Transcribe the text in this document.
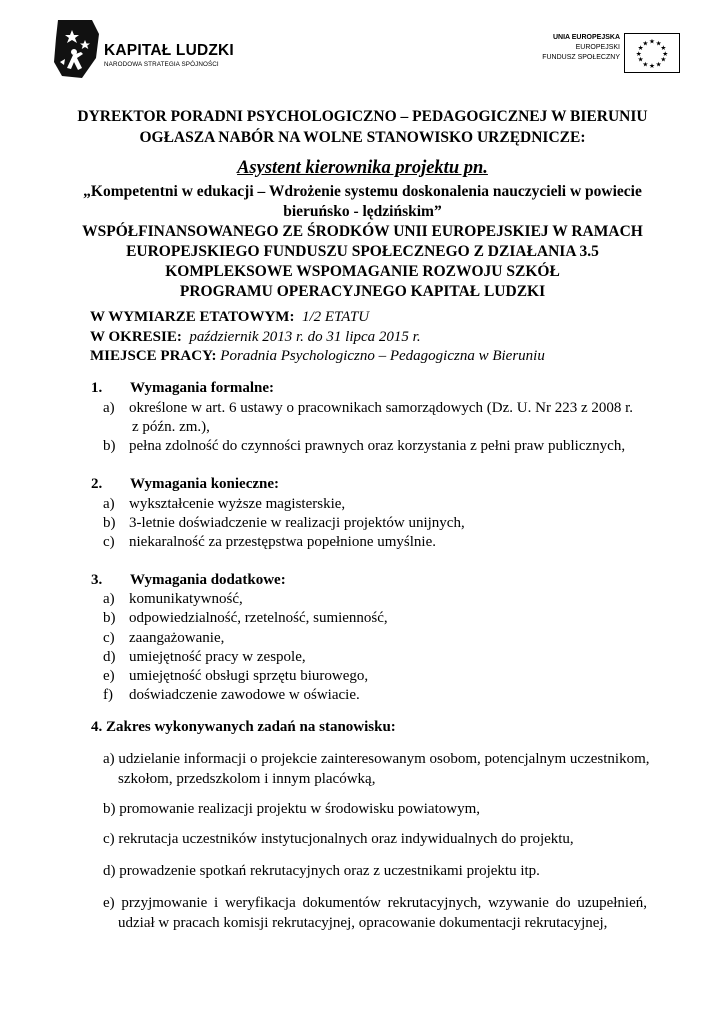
KAPITAŁ LUDZKI
NARODOWA STRATEGIA SPÓJNOŚCI
UNIA EUROPEJSKA
EUROPEJSKI
FUNDUSZ SPOŁECZNY
★ ★
★
★
★
★
★
★
★
★
★
★
DYREKTOR PORADNI PSYCHOLOGICZNO – PEDAGOGICZNEJ W BIERUNIU
OGŁASZA NABÓR NA WOLNE STANOWISKO URZĘDNICZE:
Asystent kierownika projektu pn.
„Kompetentni w edukacji – Wdrożenie systemu doskonalenia nauczycieli w powiecie
bieruńsko - lędzińskim”
WSPÓŁFINANSOWANEGO ZE ŚRODKÓW UNII EUROPEJSKIEJ W RAMACH
EUROPEJSKIEGO FUNDUSZU SPOŁECZNEGO Z DZIAŁANIA 3.5
KOMPLEKSOWE WSPOMAGANIE ROZWOJU SZKÓŁ
PROGRAMU OPERACYJNEGO KAPITAŁ LUDZKI
W WYMIARZE ETATOWYM: 1/2 ETATU
W OKRESIE: październik 2013 r. do 31 lipca 2015 r.
MIEJSCE PRACY: Poradnia Psychologiczno – Pedagogiczna w Bieruniu
1. Wymagania formalne:
a) określone w art. 6 ustawy o pracownikach samorządowych (Dz. U. Nr 223 z 2008 r.
z późn. zm.),
b) pełna zdolność do czynności prawnych oraz korzystania z pełni praw publicznych,
2. Wymagania konieczne:
a) wykształcenie wyższe magisterskie,
b) 3-letnie doświadczenie w realizacji projektów unijnych,
c) niekaralność za przestępstwa popełnione umyślnie.
3. Wymagania dodatkowe:
a) komunikatywność,
b) odpowiedzialność, rzetelność, sumienność,
c) zaangażowanie,
d) umiejętność pracy w zespole,
e) umiejętność obsługi sprzętu biurowego,
f) doświadczenie zawodowe w oświacie.
4. Zakres wykonywanych zadań na stanowisku:
a) udzielanie informacji o projekcie zainteresowanym osobom, potencjalnym uczestnikom,
szkołom, przedszkolom i innym placówką,
b) promowanie realizacji projektu w środowisku powiatowym,
c) rekrutacja uczestników instytucjonalnych oraz indywidualnych do projektu,
d) prowadzenie spotkań rekrutacyjnych oraz z uczestnikami projektu itp.
e) przyjmowanie i weryfikacja dokumentów rekrutacyjnych, wzywanie do uzupełnień,
udział w pracach komisji rekrutacyjnej, opracowanie dokumentacji rekrutacyjnej,
